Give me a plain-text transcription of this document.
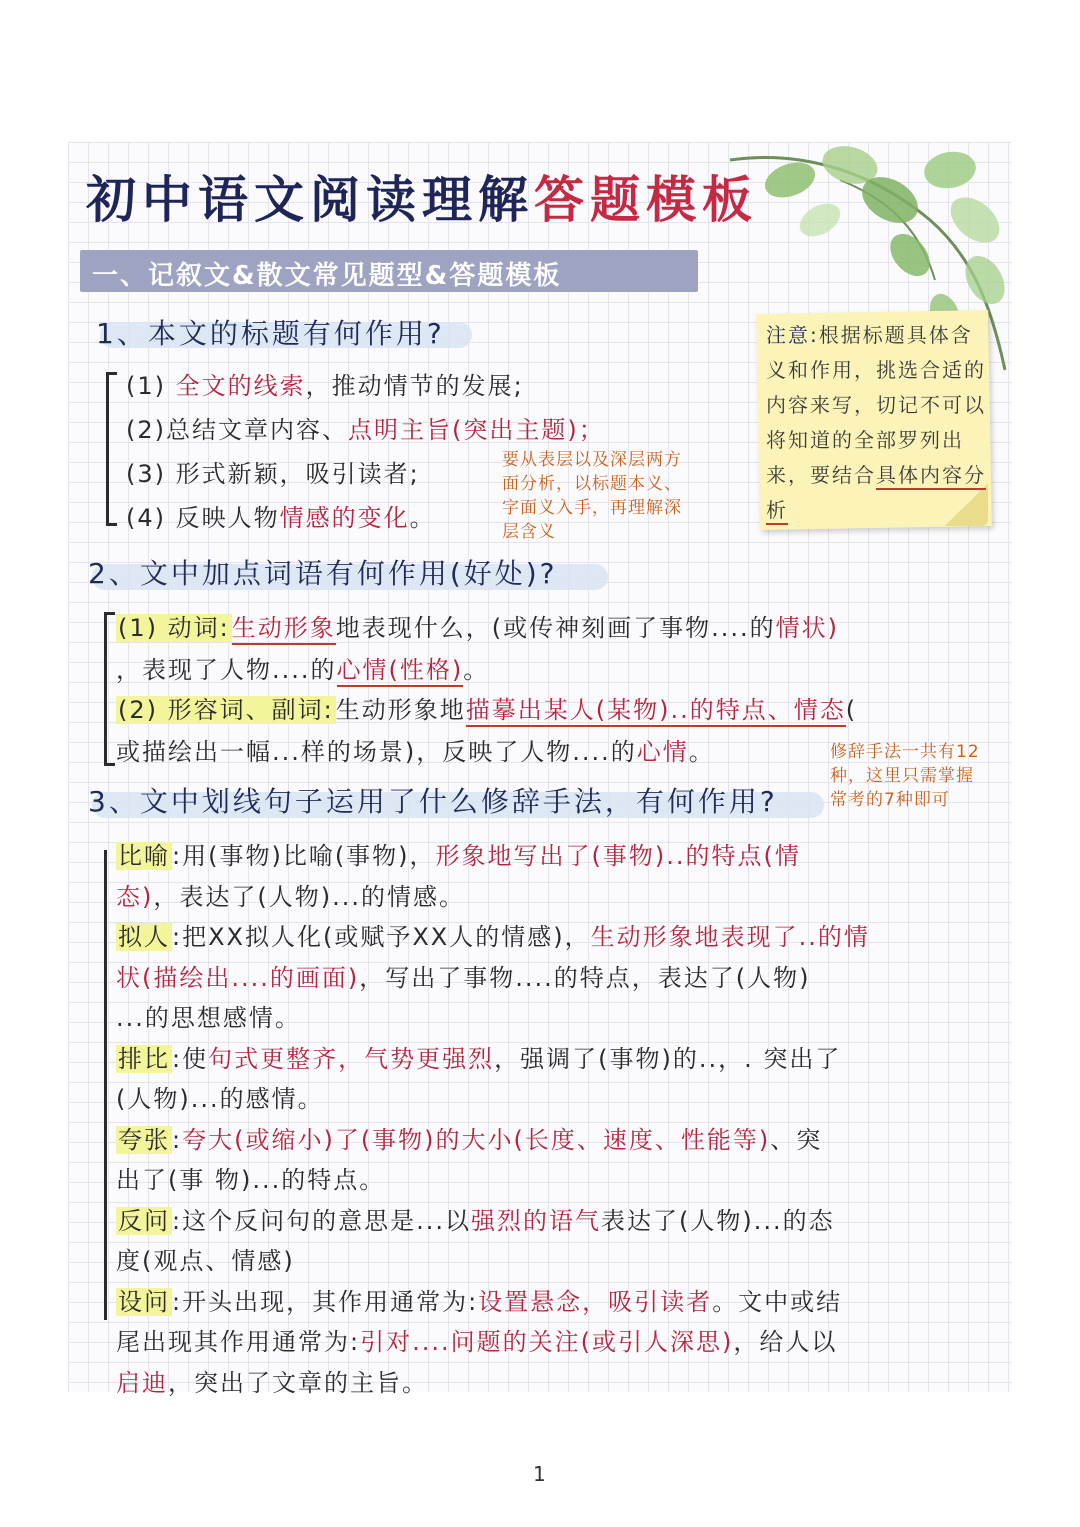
初中语文阅读理解答题模板
一、记叙文&散文常见题型&答题模板
1、本文的标题有何作用?
(1) 全文的线索，推动情节的发展;
(2)总结文章内容、点明主旨(突出主题)；
(3) 形式新颖，吸引读者;
(4) 反映人物情感的变化。
要从表层以及深层两方
面分析，以标题本义、
字面义入手，再理解深
层含义
注意:根据标题具体含义和作用，挑选合适的内容来写，切记不可以将知道的全部罗列出来，要结合具体内容分析
2、文中加点词语有何作用(好处)?
(1) 动词:生动形象地表现什么，(或传神刻画了事物....的情状)
，表现了人物....的心情(性格)。
(2) 形容词、副词:生动形象地描摹出某人(某物)..的特点、情态(
或描绘出一幅...样的场景)，反映了人物....的心情。	修辞手法一共有12
种，这里只需掌握
常考的7种即可
3、文中划线句子运用了什么修辞手法，有何作用?
比喻:用(事物)比喻(事物)，形象地写出了(事物)..的特点(情
态)，表达了(人物)...的情感。
拟人:把XX拟人化(或赋予XX人的情感)，生动形象地表现了..的情
状(描绘出....的画面)，写出了事物....的特点，表达了(人物)
...的思想感情。
排比:使句式更整齐，气势更强烈，强调了(事物)的..，. 突出了
(人物)...的感情。
夸张:夸大(或缩小)了(事物)的大小(长度、速度、性能等)、突
出了(事 物)...的特点。
反问:这个反问句的意思是...以强烈的语气表达了(人物)...的态
度(观点、情感)
设问:开头出现，其作用通常为:设置悬念，吸引读者。文中或结
尾出现其作用通常为:引对....问题的关注(或引人深思)，给人以
启迪，突出了文章的主旨。
1
